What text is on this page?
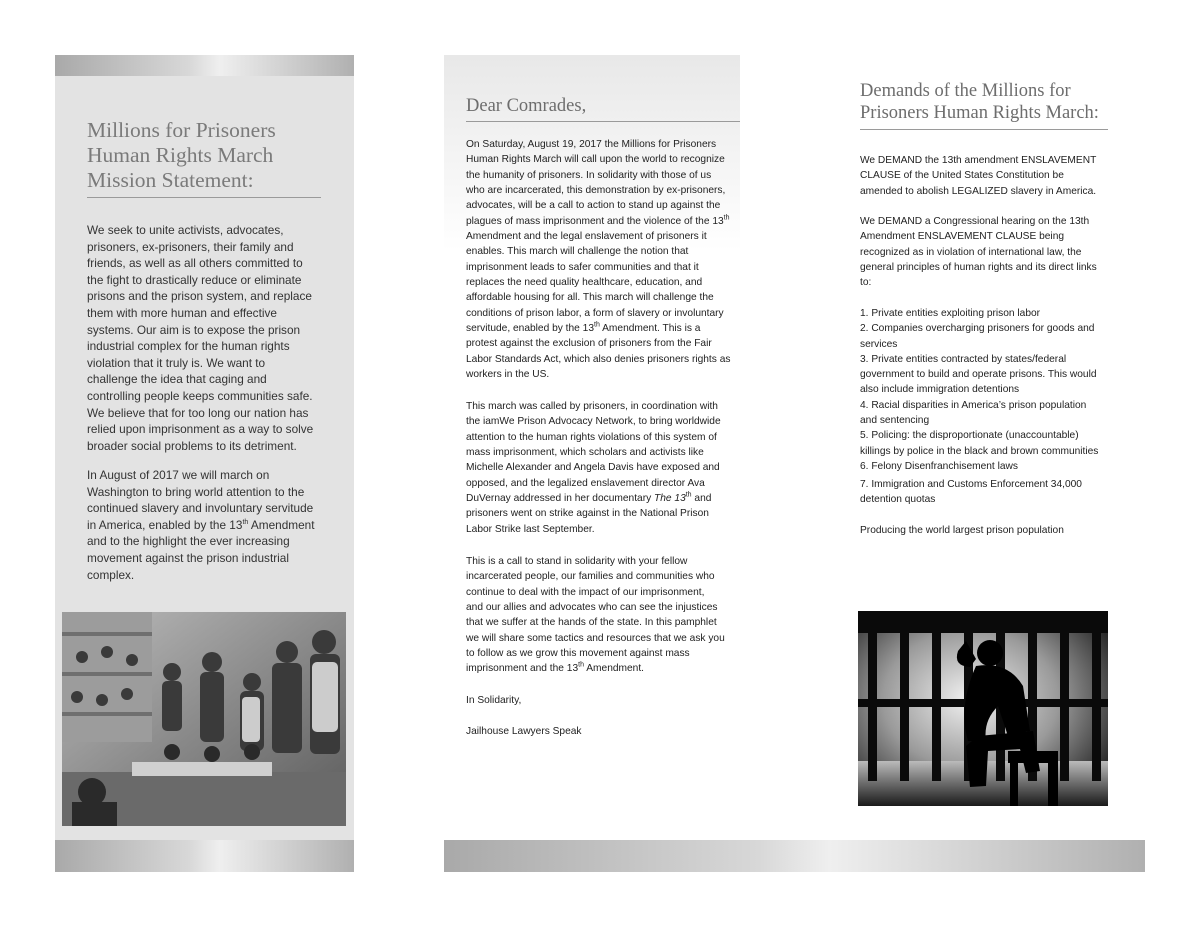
Millions for Prisoners
Human Rights March
Mission Statement:
We seek to unite activists, advocates,
prisoners, ex-prisoners, their family and
friends, as well as all others committed to
the fight to drastically reduce or eliminate
prisons and the prison system, and replace
them with more human and effective
systems. Our aim is to expose the prison
industrial complex for the human rights
violation that it truly is. We want to
challenge the idea that caging and
controlling people keeps communities safe.
We believe that for too long our nation has
relied upon imprisonment as a way to solve
broader social problems to its detriment.
In August of 2017 we will march on
Washington to bring world attention to the
continued slavery and involuntary servitude
in America, enabled by the 13th Amendment
and to the highlight the ever increasing
movement against the prison industrial
complex.
Dear Comrades,
On Saturday, August 19, 2017 the Millions for Prisoners
Human Rights March will call upon the world to recognize
the humanity of prisoners. In solidarity with those of us
who are incarcerated, this demonstration by ex-prisoners,
advocates, will be a call to action to stand up against the
plagues of mass imprisonment and the violence of the 13th
Amendment and the legal enslavement of prisoners it
enables. This march will challenge the notion that
imprisonment leads to safer communities and that it
replaces the need quality healthcare, education, and
affordable housing for all. This march will challenge the
conditions of prison labor, a form of slavery or involuntary
servitude, enabled by the 13th Amendment. This is a
protest against the exclusion of prisoners from the Fair
Labor Standards Act, which also denies prisoners rights as
workers in the US.
This march was called by prisoners, in coordination with
the iamWe Prison Advocacy Network, to bring worldwide
attention to the human rights violations of this system of
mass imprisonment, which scholars and activists like
Michelle Alexander and Angela Davis have exposed and
opposed, and the legalized enslavement director Ava
DuVernay addressed in her documentary The 13th and
prisoners went on strike against in the National Prison
Labor Strike last September.
This is a call to stand in solidarity with your fellow
incarcerated people, our families and communities who
continue to deal with the impact of our imprisonment,
and our allies and advocates who can see the injustices
that we suffer at the hands of the state. In this pamphlet
we will share some tactics and resources that we ask you
to follow as we grow this movement against mass
imprisonment and the 13th Amendment.
In Solidarity,
Jailhouse Lawyers Speak
Demands of the Millions for
Prisoners Human Rights March:
We DEMAND the 13th amendment ENSLAVEMENT
CLAUSE of the United States Constitution be
amended to abolish LEGALIZED slavery in America.
We DEMAND a Congressional hearing on the 13th
Amendment ENSLAVEMENT CLAUSE being
recognized as in violation of international law, the
general principles of human rights and its direct links
to:
1. Private entities exploiting prison labor
2. Companies overcharging prisoners for goods and
services
3. Private entities contracted by states/federal
government to build and operate prisons. This would
also include immigration detentions
4. Racial disparities in America’s prison population
and sentencing
5. Policing: the disproportionate (unaccountable)
killings by police in the black and brown communities
6. Felony Disenfranchisement laws
7. Immigration and Customs Enforcement 34,000
detention quotas
Producing the world largest prison population
